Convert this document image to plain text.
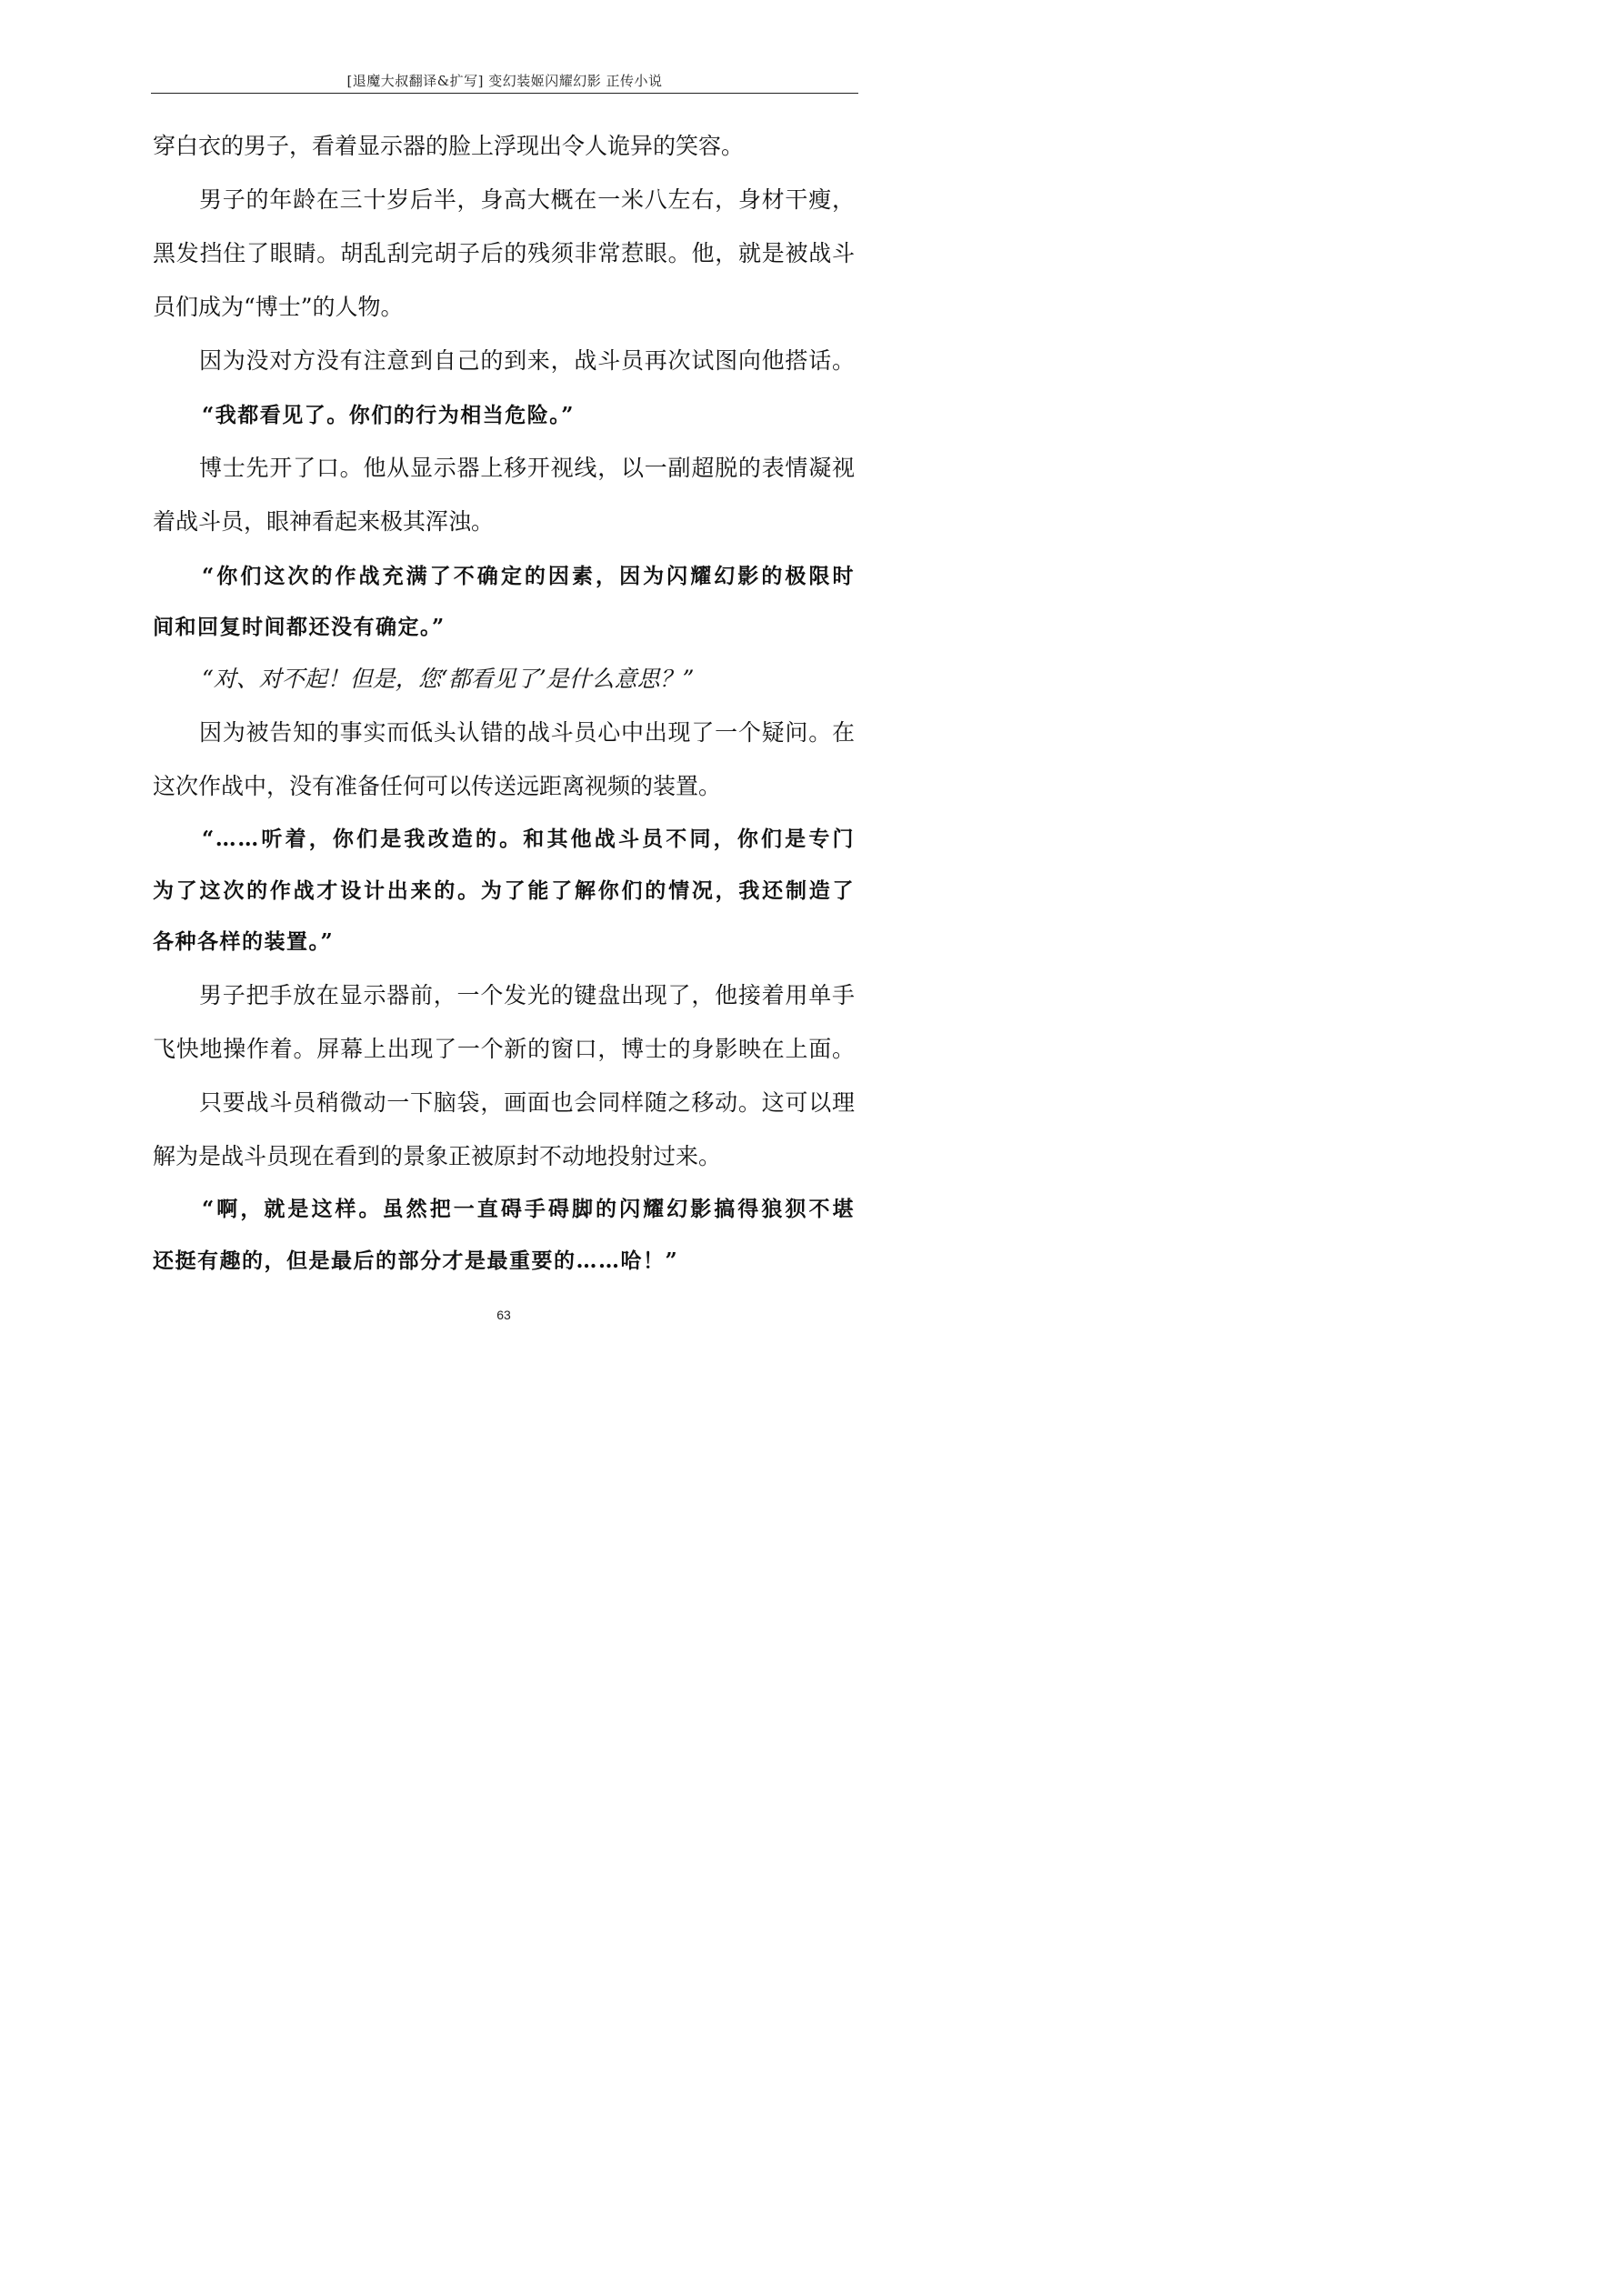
[退魔大叔翻译&扩写] 变幻装姬闪耀幻影 正传小说
穿白衣的男子，看着显示器的脸上浮现出令人诡异的笑容。
男子的年龄在三十岁后半，身高大概在一米八左右，身材干瘦，
黑发挡住了眼睛。胡乱刮完胡子后的残须非常惹眼。他，就是被战斗
员们成为“博士”的人物。
因为没对方没有注意到自己的到来，战斗员再次试图向他搭话。
“我都看见了。你们的行为相当危险。”
博士先开了口。他从显示器上移开视线，以一副超脱的表情凝视
着战斗员，眼神看起来极其浑浊。
“你们这次的作战充满了不确定的因素，因为闪耀幻影的极限时
间和回复时间都还没有确定。”
“对、对不起！但是，您‘都看见了’是什么意思？”
因为被告知的事实而低头认错的战斗员心中出现了一个疑问。在
这次作战中，没有准备任何可以传送远距离视频的装置。
“……听着，你们是我改造的。和其他战斗员不同，你们是专门
为了这次的作战才设计出来的。为了能了解你们的情况，我还制造了
各种各样的装置。”
男子把手放在显示器前，一个发光的键盘出现了，他接着用单手
飞快地操作着。屏幕上出现了一个新的窗口，博士的身影映在上面。
只要战斗员稍微动一下脑袋，画面也会同样随之移动。这可以理
解为是战斗员现在看到的景象正被原封不动地投射过来。
“啊，就是这样。虽然把一直碍手碍脚的闪耀幻影搞得狼狈不堪
还挺有趣的，但是最后的部分才是最重要的……哈！”
63
